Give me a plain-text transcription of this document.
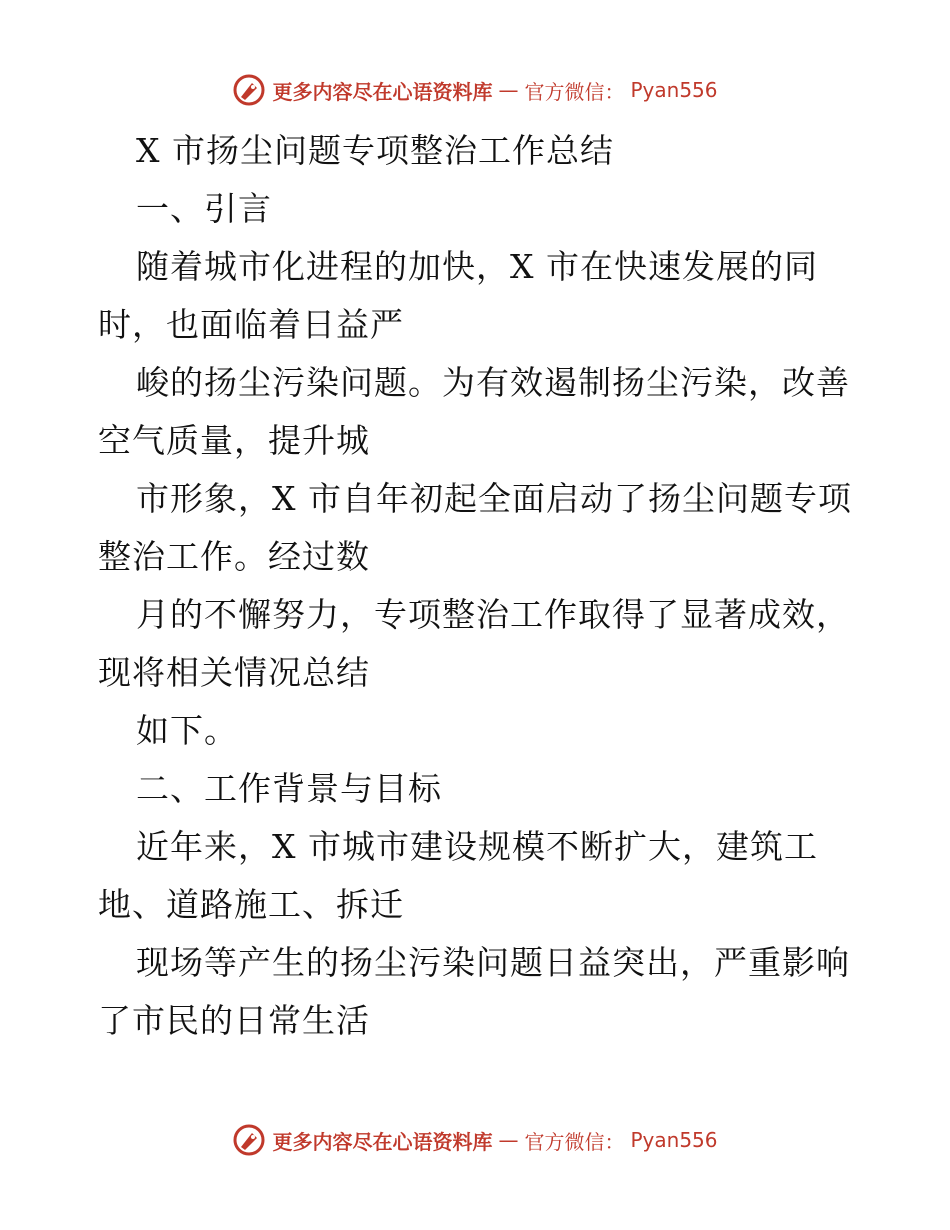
更多内容尽在心语资料库 — 官方微信： Pyan556
X 市扬尘问题专项整治工作总结
一、引言
随着城市化进程的加快，X 市在快速发展的同
时，也面临着日益严
峻的扬尘污染问题。为有效遏制扬尘污染，改善
空气质量，提升城
市形象，X 市自年初起全面启动了扬尘问题专项
整治工作。经过数
月的不懈努力，专项整治工作取得了显著成效，
现将相关情况总结
如下。
二、工作背景与目标
近年来，X 市城市建设规模不断扩大，建筑工
地、道路施工、拆迁
现场等产生的扬尘污染问题日益突出，严重影响
了市民的日常生活
更多内容尽在心语资料库 — 官方微信： Pyan556
